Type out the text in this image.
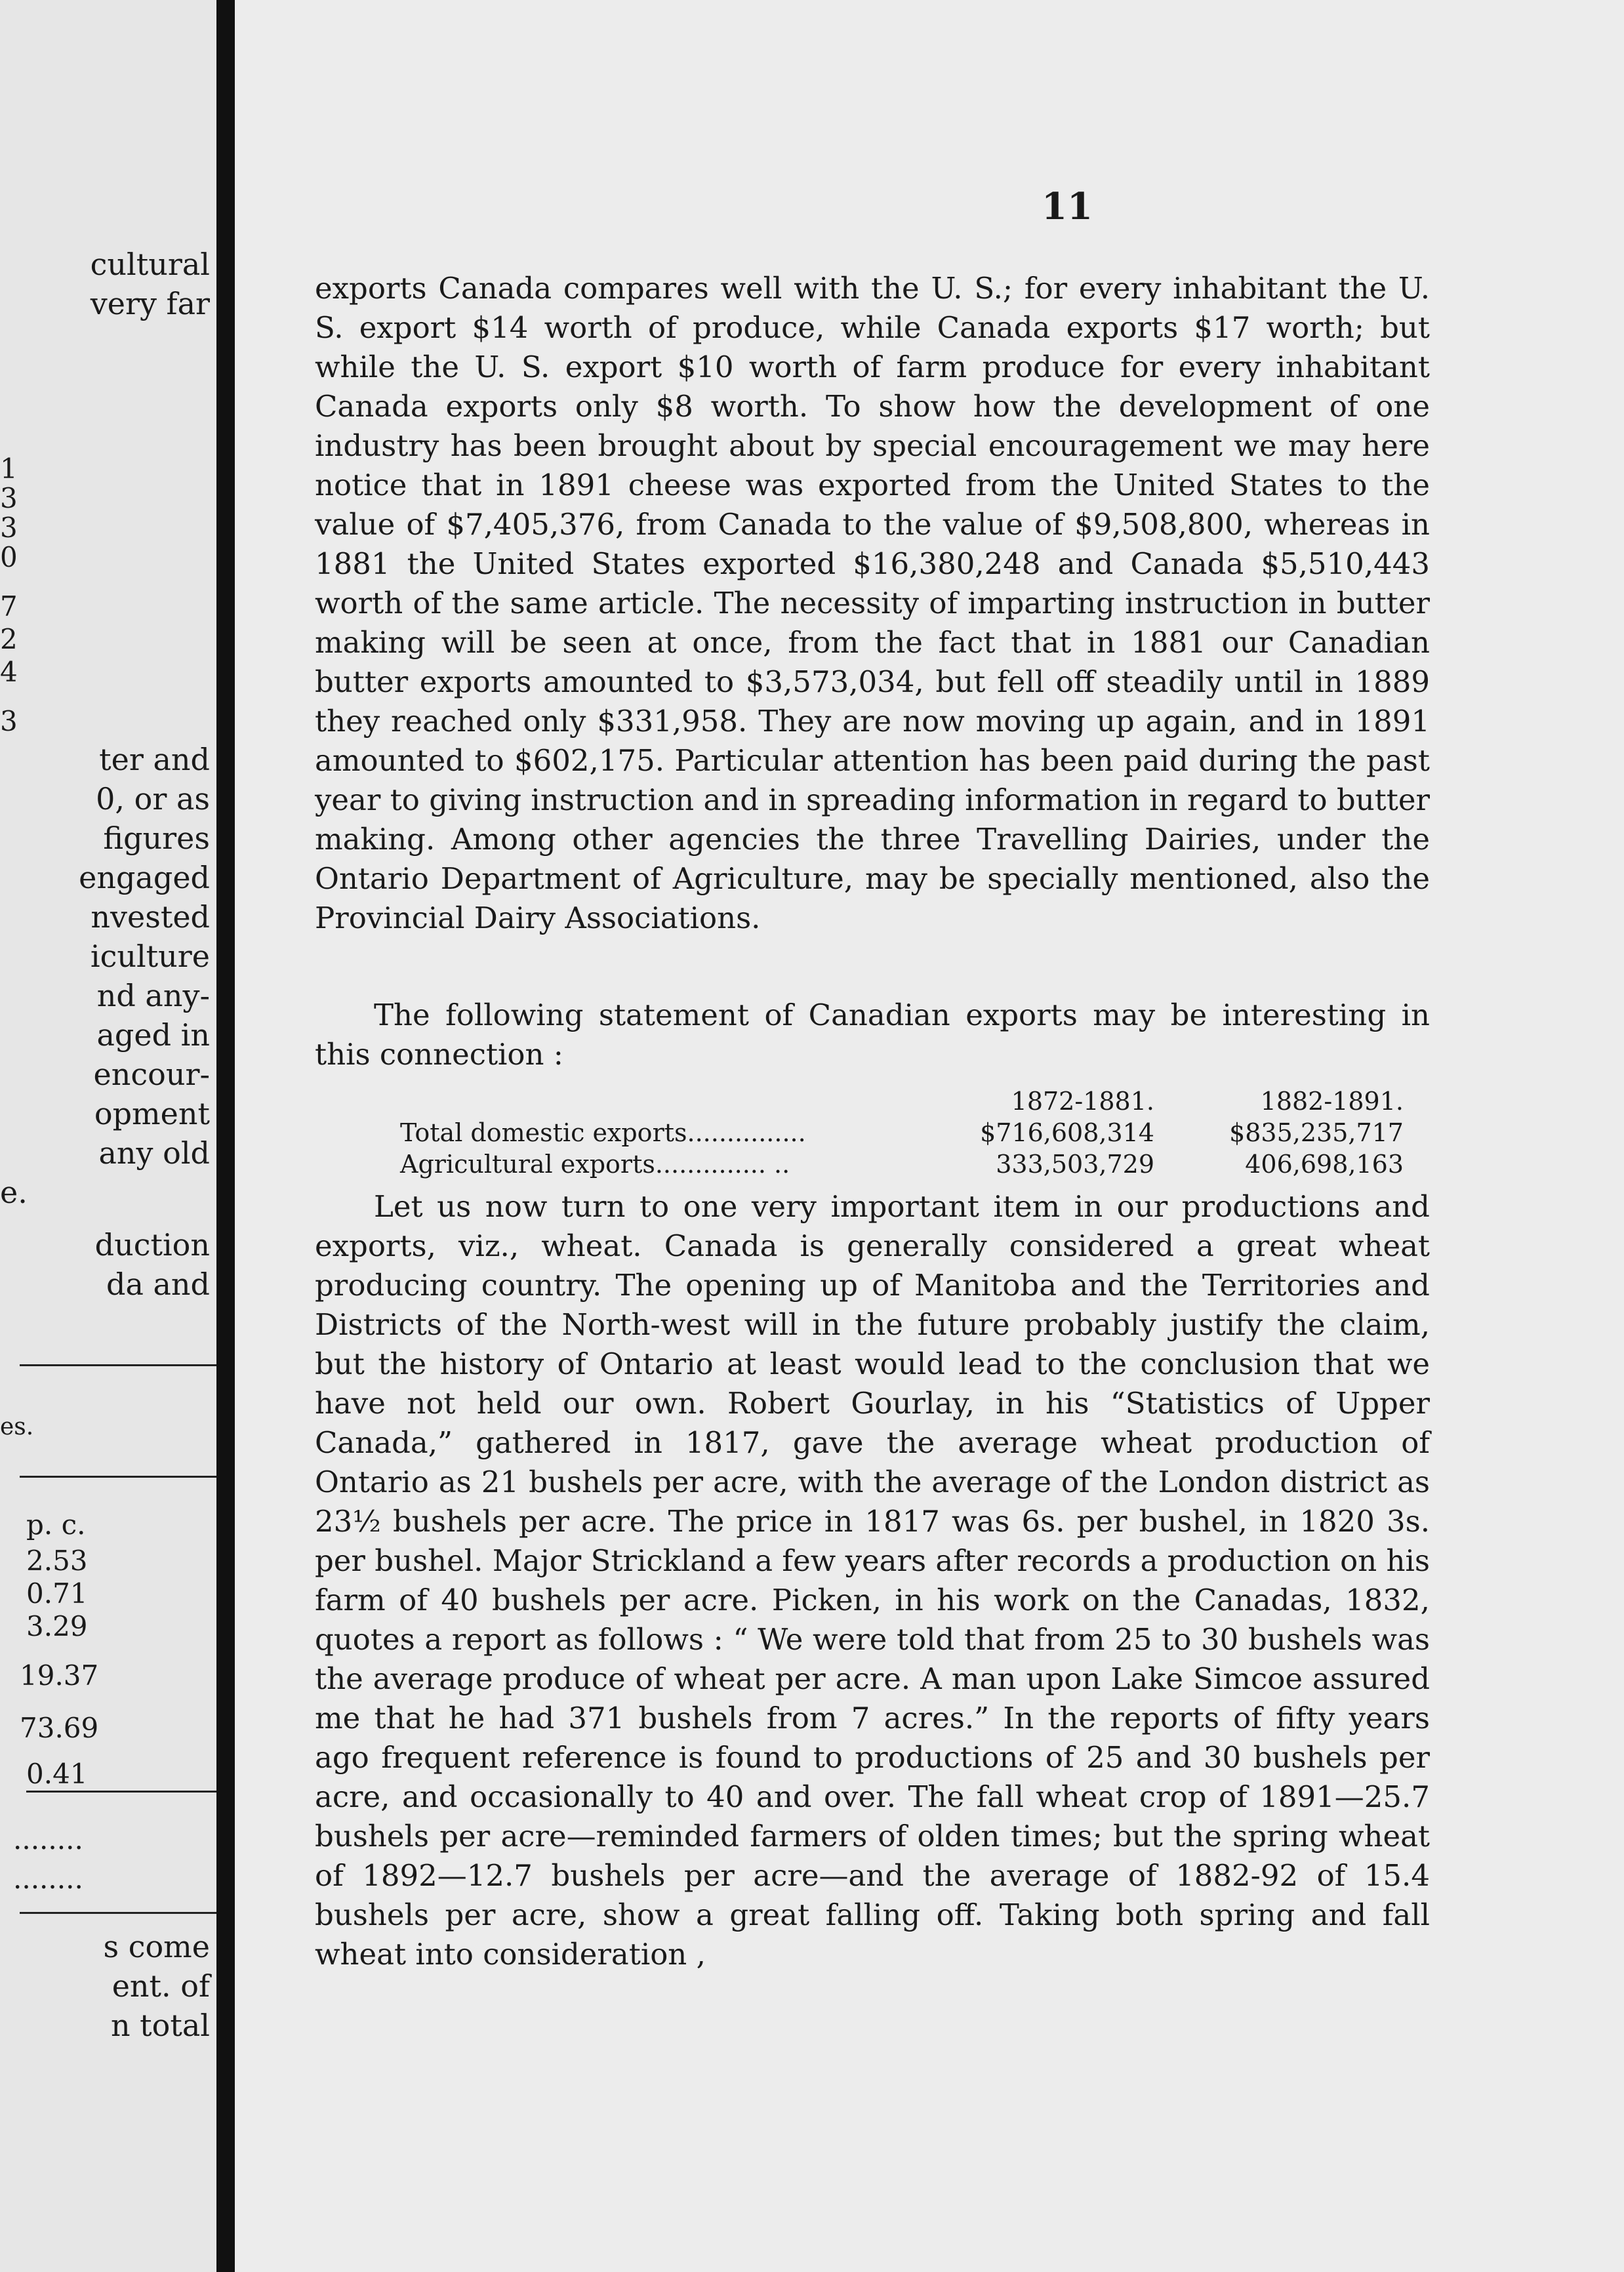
cultural
very far
1
3
3
0
7
2
4
3
ter and
0, or as
figures
engaged
nvested
iculture
nd any-
aged in
encour-
opment
any old
e.
duction
da and
es.
p. c.
2.53
0.71
3.29
19.37
73.69
0.41
........
........
s come
ent. of
n total
11

exports Canada compares well with the U. S.; for every inhabitant the U. S. export $14 worth of produce, while Canada exports $17 worth; but while the U. S. export $10 worth of farm produce for every inhabitant Canada exports only $8 worth. To show how the development of one industry has been brought about by special encouragement we may here notice that in 1891 cheese was exported from the United States to the value of $7,405,376, from Canada to the value of $9,508,800, whereas in 1881 the United States exported $16,380,248 and Canada $5,510,443 worth of the same article. The necessity of imparting instruction in butter making will be seen at once, from the fact that in 1881 our Canadian butter exports amounted to $3,573,034, but fell off steadily until in 1889 they reached only $331,958. They are now moving up again, and in 1891 amounted to $602,175. Particular attention has been paid during the past year to giving instruction and in spreading information in regard to butter making. Among other agencies the three Travelling Dairies, under the Ontario Department of Agriculture, may be specially mentioned, also the Provincial Dairy Associations.

The following statement of Canadian exports may be interesting in this connection :

1872-1881.	1882-1891.
Total domestic exports...............	$716,608,314	$835,235,717
Agricultural exports.............. ..	333,503,729	406,698,163

Let us now turn to one very important item in our productions and exports, viz., wheat. Canada is generally considered a great wheat producing country. The opening up of Manitoba and the Territories and Districts of the North-west will in the future probably justify the claim, but the history of Ontario at least would lead to the conclusion that we have not held our own. Robert Gourlay, in his “Statistics of Upper Canada,” gathered in 1817, gave the average wheat production of Ontario as 21 bushels per acre, with the average of the London district as 23½ bushels per acre. The price in 1817 was 6s. per bushel, in 1820 3s. per bushel. Major Strickland a few years after records a production on his farm of 40 bushels per acre. Picken, in his work on the Canadas, 1832, quotes a report as follows : “ We were told that from 25 to 30 bushels was the average produce of wheat per acre. A man upon Lake Simcoe assured me that he had 371 bushels from 7 acres.” In the reports of fifty years ago frequent reference is found to productions of 25 and 30 bushels per acre, and occasionally to 40 and over. The fall wheat crop of 1891—25.7 bushels per acre—reminded farmers of olden times; but the spring wheat of 1892—12.7 bushels per acre—and the average of 1882-92 of 15.4 bushels per acre, show a great falling off. Taking both spring and fall wheat into consideration ,
